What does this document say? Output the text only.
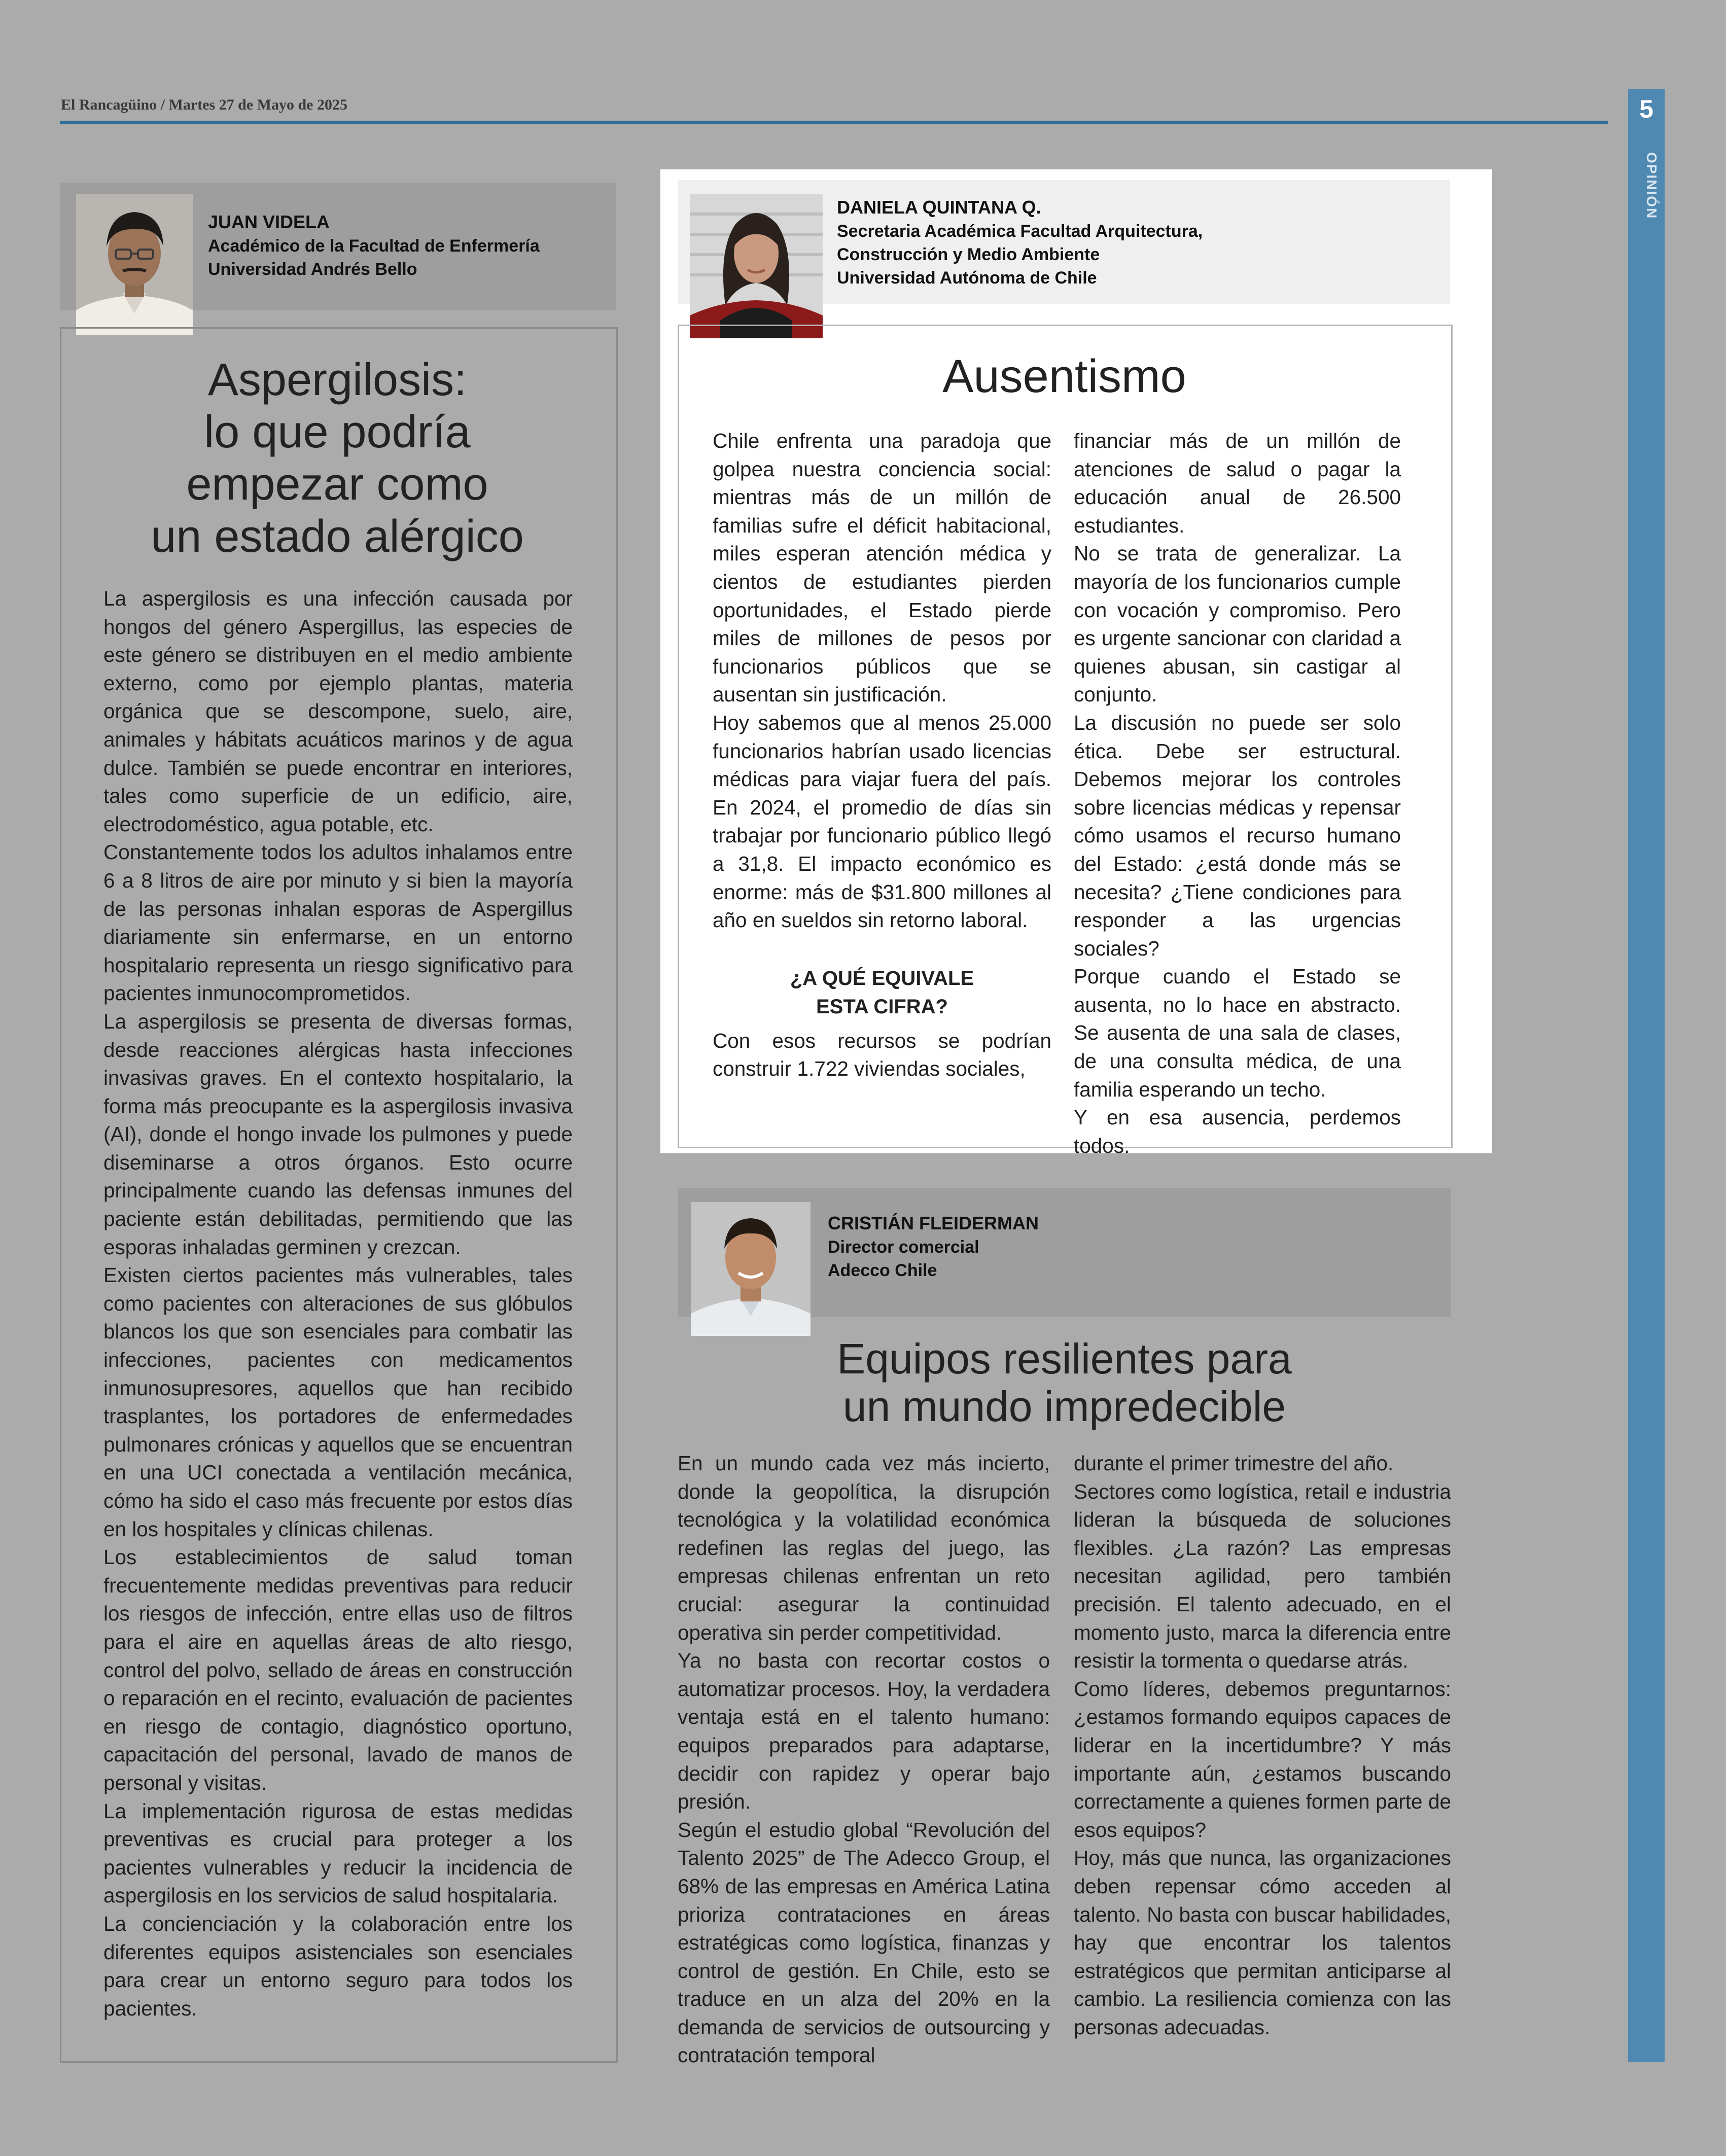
El Rancagüino / Martes 27 de Mayo de 2025	5
OPINIÓN
JUAN VIDELA
Académico de la Facultad de Enfermería
Universidad Andrés Bello
Aspergilosis:
lo que podría
empezar como
un estado alérgico

La aspergilosis es una infección causada por hongos del género Aspergillus, las especies de este género se distribuyen en el medio ambiente externo, como por ejemplo plantas, materia orgánica que se descompone, suelo, aire, animales y hábitats acuáticos marinos y de agua dulce. También se puede encontrar en interiores, tales como superficie de un edificio, aire, electrodoméstico, agua potable, etc.

Constantemente todos los adultos inhalamos entre 6 a 8 litros de aire por minuto y si bien la mayoría de las personas inhalan esporas de Aspergillus diariamente sin enfermarse, en un entorno hospitalario representa un riesgo significativo para pacientes inmunocomprometidos.

La aspergilosis se presenta de diversas formas, desde reacciones alérgicas hasta infecciones invasivas graves. En el contexto hospitalario, la forma más preocupante es la aspergilosis invasiva (AI), donde el hongo invade los pulmones y puede diseminarse a otros órganos. Esto ocurre principalmente cuando las defensas inmunes del paciente están debilitadas, permitiendo que las esporas inhaladas germinen y crezcan.

Existen ciertos pacientes más vulnerables, tales como pacientes con alteraciones de sus glóbulos blancos los que son esenciales para combatir las infecciones, pacientes con medicamentos inmunosupresores, aquellos que han recibido trasplantes, los portadores de enfermedades pulmonares crónicas y aquellos que se encuentran en una UCI conectada a ventilación mecánica, cómo ha sido el caso más frecuente por estos días en los hospitales y clínicas chilenas.

Los establecimientos de salud toman frecuentemente medidas preventivas para reducir los riesgos de infección, entre ellas uso de filtros para el aire en aquellas áreas de alto riesgo, control del polvo, sellado de áreas en construcción o reparación en el recinto, evaluación de pacientes en riesgo de contagio, diagnóstico oportuno, capacitación del personal, lavado de manos de personal y visitas.

La implementación rigurosa de estas medidas preventivas es crucial para proteger a los pacientes vulnerables y reducir la incidencia de aspergilosis en los servicios de salud hospitalaria.

La concienciación y la colaboración entre los diferentes equipos asistenciales son esenciales para crear un entorno seguro para todos los pacientes.

DANIELA QUINTANA Q.
Secretaria Académica Facultad Arquitectura,
Construcción y Medio Ambiente
Universidad Autónoma de Chile
Ausentismo

Chile enfrenta una paradoja que golpea nuestra conciencia social: mientras más de un millón de familias sufre el déficit habitacional, miles esperan atención médica y cientos de estudiantes pierden oportunidades, el Estado pierde miles de millones de pesos por funcionarios públicos que se ausentan sin justificación.

Hoy sabemos que al menos 25.000 funcionarios habrían usado licencias médicas para viajar fuera del país. En 2024, el promedio de días sin trabajar por funcionario público llegó a 31,8. El impacto económico es enorme: más de $31.800 millones al año en sueldos sin retorno laboral.

¿A QUÉ EQUIVALE
ESTA CIFRA?

Con esos recursos se podrían construir 1.722 viviendas sociales,

financiar más de un millón de atenciones de salud o pagar la educación anual de 26.500 estudiantes.

No se trata de generalizar. La mayoría de los funcionarios cumple con vocación y compromiso. Pero es urgente sancionar con claridad a quienes abusan, sin castigar al conjunto.

La discusión no puede ser solo ética. Debe ser estructural. Debemos mejorar los controles sobre licencias médicas y repensar cómo usamos el recurso humano del Estado: ¿está donde más se necesita? ¿Tiene condiciones para responder a las urgencias sociales?

Porque cuando el Estado se ausenta, no lo hace en abstracto. Se ausenta de una sala de clases, de una consulta médica, de una familia esperando un techo.

Y en esa ausencia, perdemos todos.

CRISTIÁN FLEIDERMAN
Director comercial
Adecco Chile
Equipos resilientes para
un mundo impredecible

En un mundo cada vez más incierto, donde la geopolítica, la disrupción tecnológica y la volatilidad económica redefinen las reglas del juego, las empresas chilenas enfrentan un reto crucial: asegurar la continuidad operativa sin perder competitividad.

Ya no basta con recortar costos o automatizar procesos. Hoy, la verdadera ventaja está en el talento humano: equipos preparados para adaptarse, decidir con rapidez y operar bajo presión.

Según el estudio global “Revolución del Talento 2025” de The Adecco Group, el 68% de las empresas en América Latina prioriza contrataciones en áreas estratégicas como logística, finanzas y control de gestión. En Chile, esto se traduce en un alza del 20% en la demanda de servicios de outsourcing y contratación temporal

durante el primer trimestre del año.

Sectores como logística, retail e industria lideran la búsqueda de soluciones flexibles. ¿La razón? Las empresas necesitan agilidad, pero también precisión. El talento adecuado, en el momento justo, marca la diferencia entre resistir la tormenta o quedarse atrás.

Como líderes, debemos preguntarnos: ¿estamos formando equipos capaces de liderar en la incertidumbre? Y más importante aún, ¿estamos buscando correctamente a quienes formen parte de esos equipos?

Hoy, más que nunca, las organizaciones deben repensar cómo acceden al talento. No basta con buscar habilidades, hay que encontrar los talentos estratégicos que permitan anticiparse al cambio. La resiliencia comienza con las personas adecuadas.
